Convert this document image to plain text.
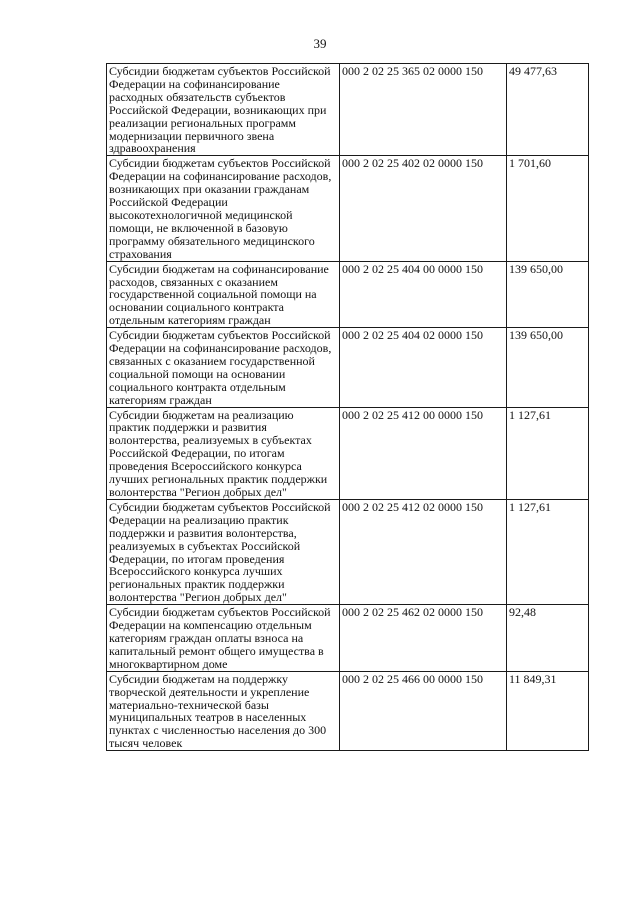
39
Субсидии бюджетам субъектов Российской Федерации на софинансирование расходных обязательств субъектов Российской Федерации, возникающих при реализации региональных программ модернизации первичного звена здравоохранения	000 2 02 25 365 02 0000 150	49 477,63
Субсидии бюджетам субъектов Российской Федерации на софинансирование расходов, возникающих при оказании гражданам Российской Федерации высокотехнологичной медицинской помощи, не включенной в базовую программу обязательного медицинского страхования	000 2 02 25 402 02 0000 150	1 701,60
Субсидии бюджетам на софинансирование расходов, связанных с оказанием государственной социальной помощи на основании социального контракта отдельным категориям граждан	000 2 02 25 404 00 0000 150	139 650,00
Субсидии бюджетам субъектов Российской Федерации на софинансирование расходов, связанных с оказанием государственной социальной помощи на основании социального контракта отдельным категориям граждан	000 2 02 25 404 02 0000 150	139 650,00
Субсидии бюджетам на реализацию практик поддержки и развития волонтерства, реализуемых в субъектах Российской Федерации, по итогам проведения Всероссийского конкурса лучших региональных практик поддержки волонтерства "Регион добрых дел"	000 2 02 25 412 00 0000 150	1 127,61
Субсидии бюджетам субъектов Российской Федерации на реализацию практик поддержки и развития волонтерства, реализуемых в субъектах Российской Федерации, по итогам проведения Всероссийского конкурса лучших региональных практик поддержки волонтерства "Регион добрых дел"	000 2 02 25 412 02 0000 150	1 127,61
Субсидии бюджетам субъектов Российской Федерации на компенсацию отдельным категориям граждан оплаты взноса на капитальный ремонт общего имущества в многоквартирном доме	000 2 02 25 462 02 0000 150	92,48
Субсидии бюджетам на поддержку творческой деятельности и укрепление материально-технической базы муниципальных театров в населенных пунктах с численностью населения до 300 тысяч человек	000 2 02 25 466 00 0000 150	11 849,31
